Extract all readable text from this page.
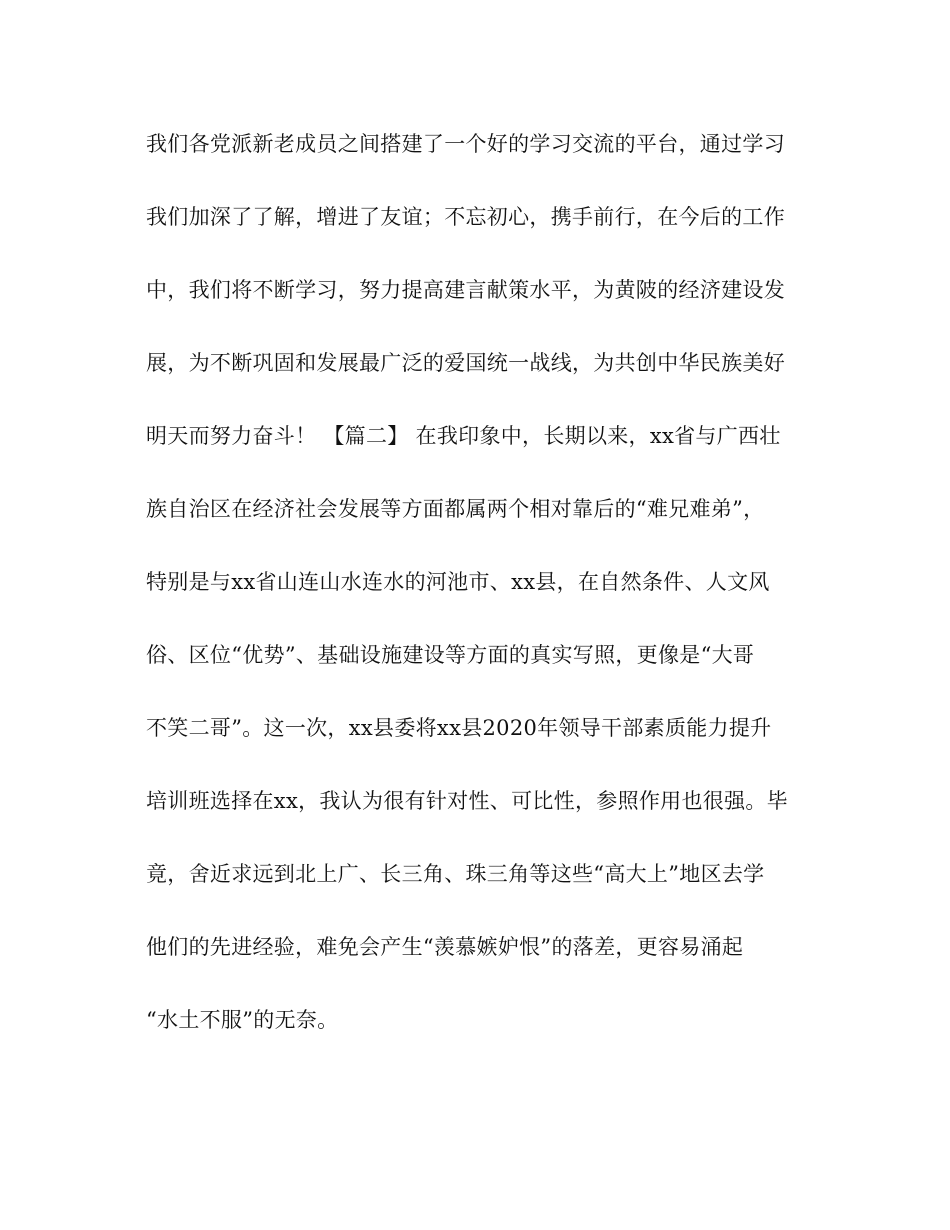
我们各党派新老成员之间搭建了一个好的学习交流的平台，通过学习
我们加深了了解，增进了友谊；不忘初心，携手前行，在今后的工作
中，我们将不断学习，努力提高建言献策水平，为黄陂的经济建设发
展，为不断巩固和发展最广泛的爱国统一战线，为共创中华民族美好
明天而努力奋斗！ 【篇二】 在我印象中，长期以来，xx省与广西壮
族自治区在经济社会发展等方面都属两个相对靠后的“难兄难弟”，
特别是与xx省山连山水连水的河池市、xx县，在自然条件、人文风
俗、区位“优势”、基础设施建设等方面的真实写照，更像是“大哥
不笑二哥”。这一次，xx县委将xx县2020年领导干部素质能力提升
培训班选择在xx，我认为很有针对性、可比性，参照作用也很强。毕
竟，舍近求远到北上广、长三角、珠三角等这些“高大上”地区去学
他们的先进经验，难免会产生“羡慕嫉妒恨”的落差，更容易涌起
“水土不服”的无奈。
